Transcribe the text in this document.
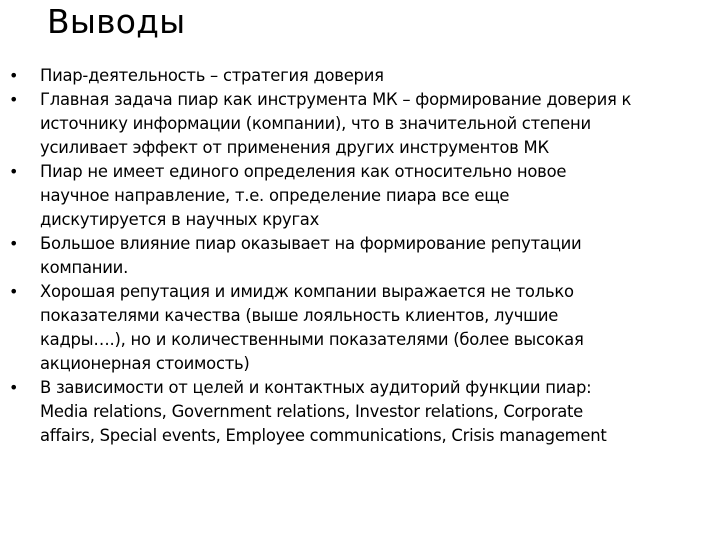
Выводы
• Пиар-деятельность – стратегия доверия
• Главная задача пиар как инструмента МК – формирование доверия к
источнику информации (компании), что в значительной степени
усиливает эффект от применения других инструментов МК
• Пиар не имеет единого определения как относительно новое
научное направление, т.е. определение пиара все еще
дискутируется в научных кругах
• Большое влияние пиар оказывает на формирование репутации
компании.
• Хорошая репутация и имидж компании выражается не только
показателями качества (выше лояльность клиентов, лучшие
кадры….), но и количественными показателями (более высокая
акционерная стоимость)
• В зависимости от целей и контактных аудиторий функции пиар:
Media relations, Government relations, Investor relations, Corporate
affairs, Special events, Employee communications, Crisis management
